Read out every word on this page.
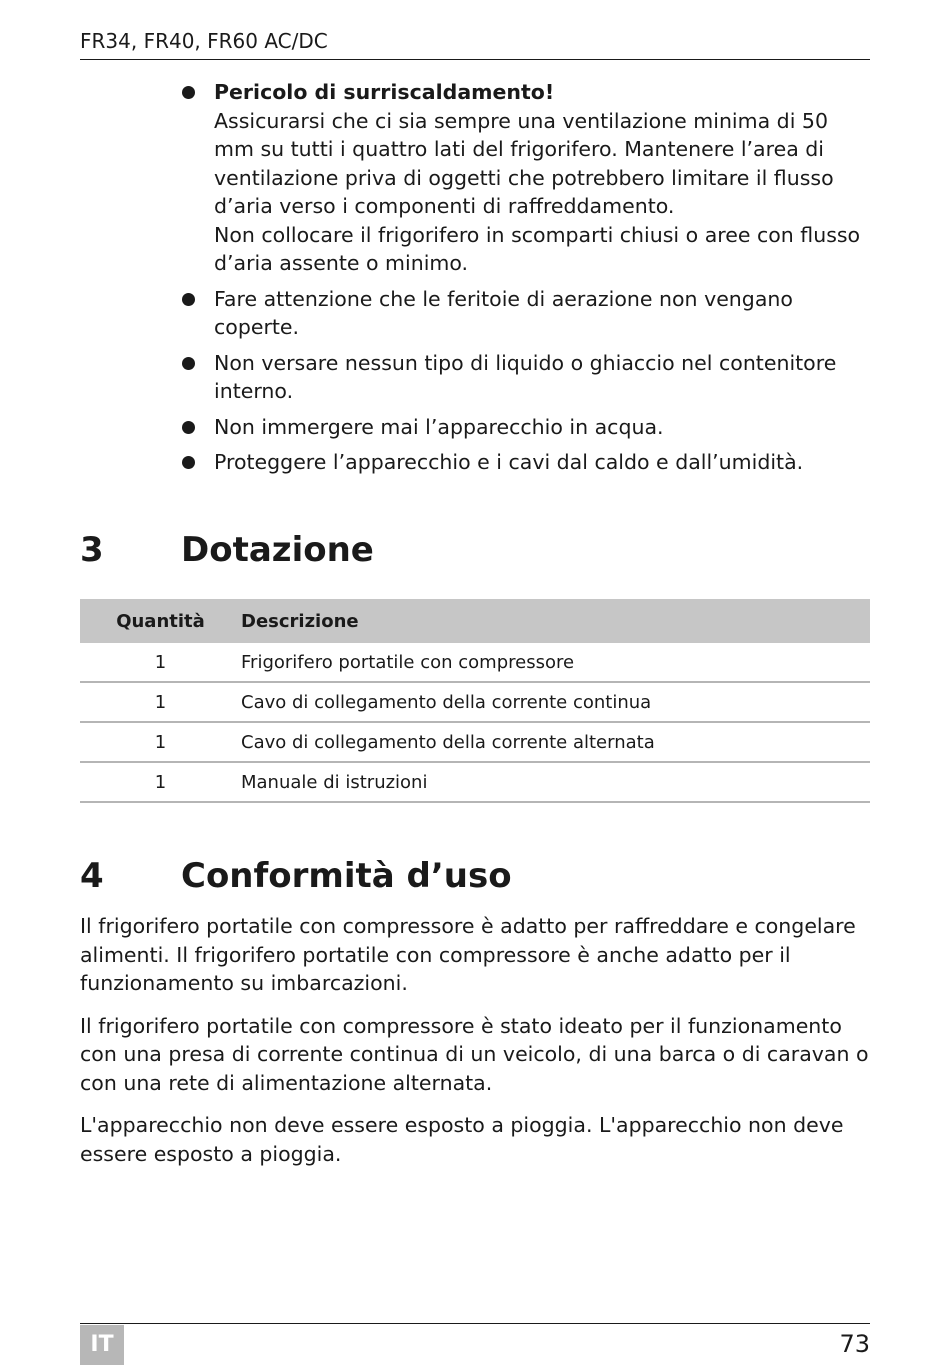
FR34, FR40, FR60 AC/DC
Pericolo di surriscaldamento!
Assicurarsi che ci sia sempre una ventilazione minima di 50 mm su tutti i quattro lati del frigorifero. Mantenere l’area di ventilazione priva di oggetti che potrebbero limitare il flusso d’aria verso i componenti di raffreddamento.
Non collocare il frigorifero in scomparti chiusi o aree con flusso d’aria assente o minimo.
Fare attenzione che le feritoie di aerazione non vengano coperte.
Non versare nessun tipo di liquido o ghiaccio nel contenitore interno.
Non immergere mai l’apparecchio in acqua.
Proteggere l’apparecchio e i cavi dal caldo e dall’umidità.
3 Dotazione
Quantità	Descrizione
1	Frigorifero portatile con compressore
1	Cavo di collegamento della corrente continua
1	Cavo di collegamento della corrente alternata
1	Manuale di istruzioni
4 Conformità d’uso

Il frigorifero portatile con compressore è adatto per raffreddare e congelare alimenti. Il frigorifero portatile con compressore è anche adatto per il funzionamento su imbarcazioni.

Il frigorifero portatile con compressore è stato ideato per il funzionamento con una presa di corrente continua di un veicolo, di una barca o di caravan o con una rete di alimentazione alternata.

L'apparecchio non deve essere esposto a pioggia. L'apparecchio non deve essere esposto a pioggia.

IT	73
